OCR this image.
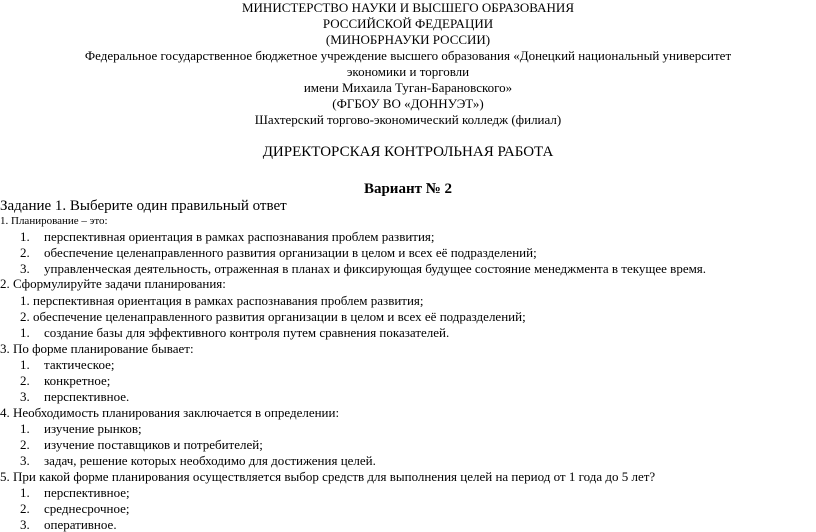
МИНИСТЕРСТВО НАУКИ И ВЫСШЕГО ОБРАЗОВАНИЯ
РОССИЙСКОЙ ФЕДЕРАЦИИ
(МИНОБРНАУКИ РОССИИ)
Федеральное государственное бюджетное учреждение высшего образования «Донецкий национальный университет
экономики и торговли
имени Михаила Туган-Барановского»
(ФГБОУ ВО «ДОННУЭТ»)
Шахтерский торгово-экономический колледж (филиал)
ДИРЕКТОРСКАЯ КОНТРОЛЬНАЯ РАБОТА
Вариант № 2
Задание 1. Выберите один правильный ответ
1. Планирование – это:
1. перспективная ориентация в рамках распознавания проблем развития;
2. обеспечение целенаправленного развития организации в целом и всех её подразделений;
3. управленческая деятельность, отраженная в планах и фиксирующая будущее состояние менеджмента в текущее время.
2. Сформулируйте задачи планирования:
1. перспективная ориентация в рамках распознавания проблем развития;
2. обеспечение целенаправленного развития организации в целом и всех её подразделений;
1. создание базы для эффективного контроля путем сравнения показателей.
3. По форме планирование бывает:
1. тактическое;
2. конкретное;
3. перспективное.
4. Необходимость планирования заключается в определении:
1. изучение рынков;
2. изучение поставщиков и потребителей;
3. задач, решение которых необходимо для достижения целей.
5. При какой форме планирования осуществляется выбор средств для выполнения целей на период от 1 года до 5 лет?
1. перспективное;
2. среднесрочное;
3. оперативное.
